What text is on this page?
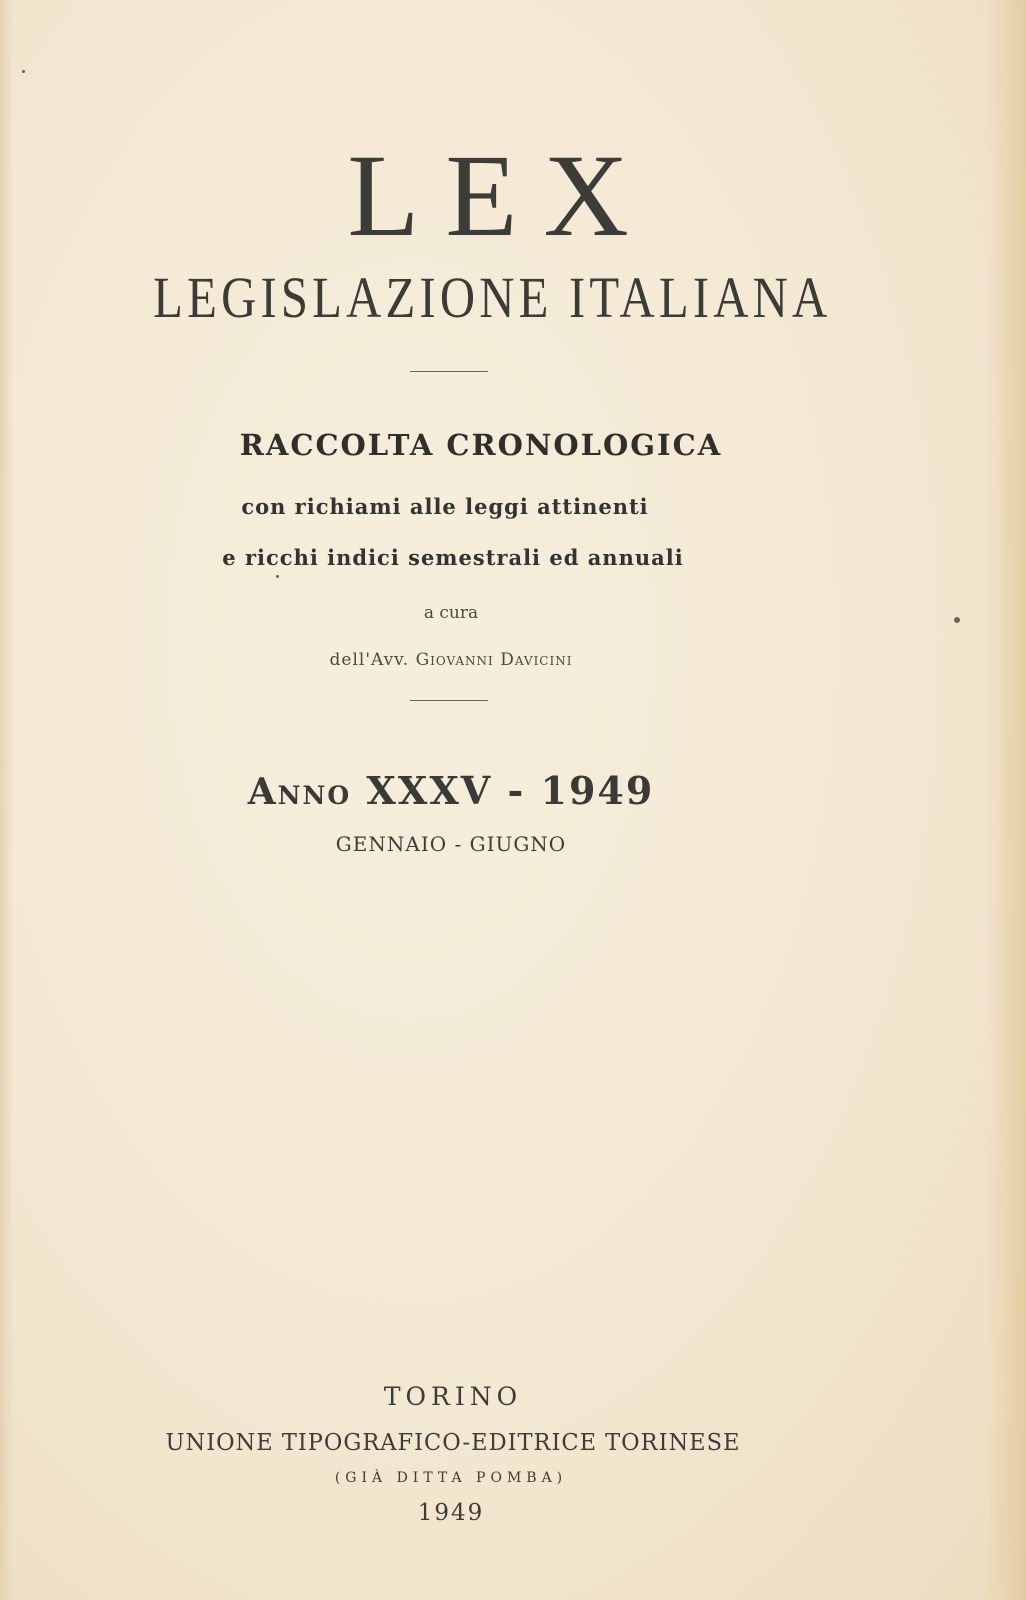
LEX
LEGISLAZIONE ITALIANA
RACCOLTA CRONOLOGICA
con richiami alle leggi attinenti
e ricchi indici semestrali ed annuali
a cura
dell'Avv. Giovanni Davicini
Anno XXXV - 1949
GENNAIO - GIUGNO
TORINO
UNIONE TIPOGRAFICO-EDITRICE TORINESE
(GIÀ DITTA POMBA)
1949
